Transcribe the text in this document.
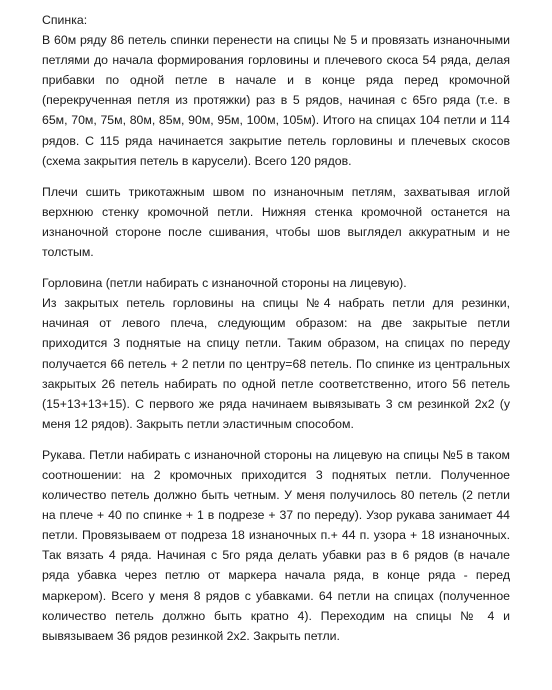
Спинка:

В 60м ряду 86 петель спинки перенести на спицы № 5 и провязать изнаночными петлями до начала формирования горловины и плечевого скоса 54 ряда, делая прибавки по одной петле в начале и в конце ряда перед кромочной (перекрученная петля из протяжки) раз в 5 рядов, начиная с 65го ряда (т.е. в 65м, 70м, 75м, 80м, 85м, 90м, 95м, 100м, 105м). Итого на спицах 104 петли и 114 рядов. С 115 ряда начинается закрытие петель горловины и плечевых скосов (схема закрытия петель в карусели). Всего 120 рядов.

Плечи сшить трикотажным швом по изнаночным петлям, захватывая иглой верхнюю стенку кромочной петли. Нижняя стенка кромочной останется на изнаночной стороне после сшивания, чтобы шов выглядел аккуратным и не толстым.

Горловина (петли набирать с изнаночной стороны на лицевую).

Из закрытых петель горловины на спицы №4 набрать петли для резинки, начиная от левого плеча, следующим образом: на две закрытые петли приходится 3 поднятые на спицу петли. Таким образом, на спицах по переду получается 66 петель + 2 петли по центру=68 петель. По спинке из центральных закрытых 26 петель набирать по одной петле соответственно, итого 56 петель (15+13+13+15). С первого же ряда начинаем вывязывать 3 см резинкой 2х2 (у меня 12 рядов). Закрыть петли эластичным способом.

Рукава. Петли набирать с изнаночной стороны на лицевую на спицы №5 в таком соотношении: на 2 кромочных приходится 3 поднятых петли. Полученное количество петель должно быть четным. У меня получилось 80 петель (2 петли на плече + 40 по спинке + 1 в подрезе + 37 по переду). Узор рукава занимает 44 петли. Провязываем от подреза 18 изнаночных п.+ 44 п. узора + 18 изнаночных. Так вязать 4 ряда. Начиная с 5го ряда делать убавки раз в 6 рядов (в начале ряда убавка через петлю от маркера начала ряда, в конце ряда - перед маркером). Всего у меня 8 рядов с убавками. 64 петли на спицах (полученное количество петель должно быть кратно 4). Переходим на спицы № 4 и вывязываем 36 рядов резинкой 2х2. Закрыть петли.
